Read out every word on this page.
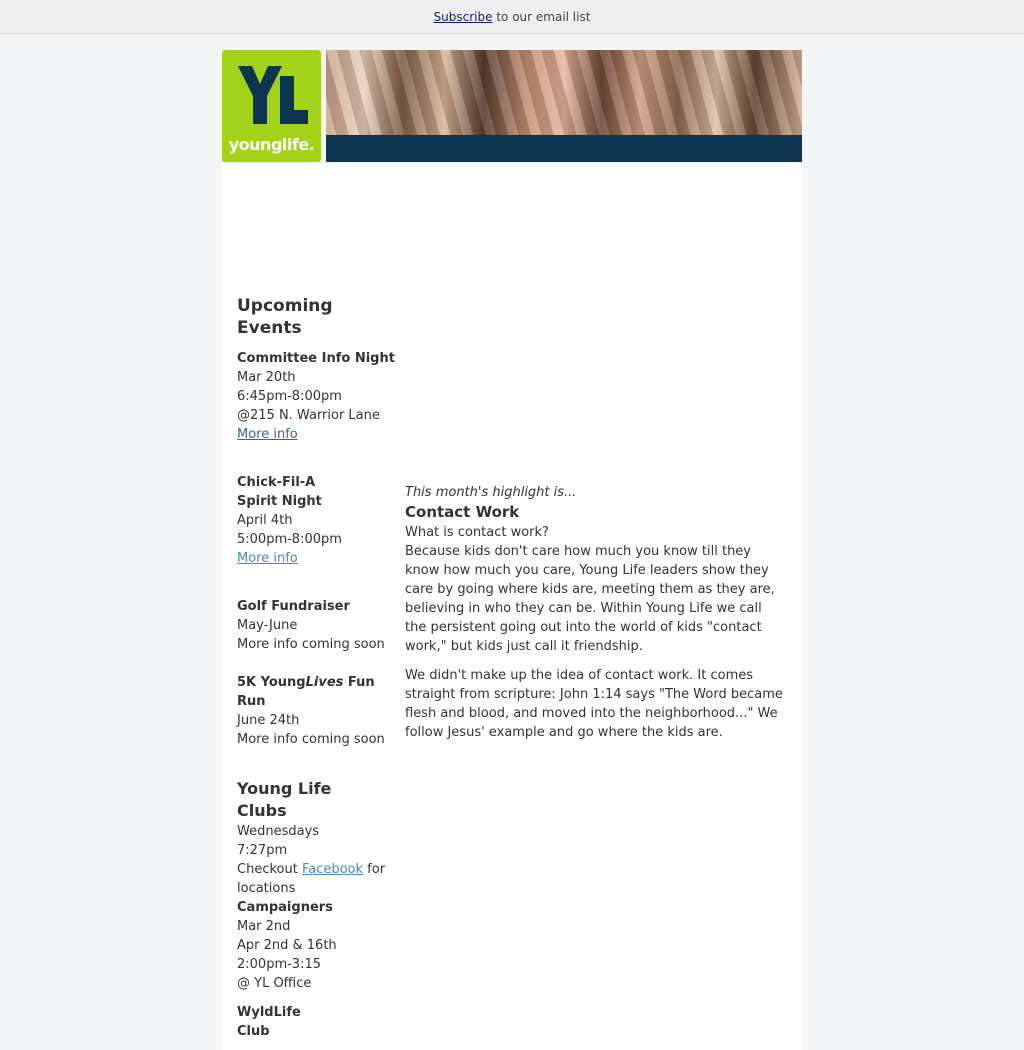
Subscribe to our email list
younglife.
Upcoming Events
Committee Info Night
Mar 20th
6:45pm-8:00pm
@215 N. Warrior Lane
More info
Chick-Fil-A
Spirit Night
April 4th
5:00pm-8:00pm
More info
Golf Fundraiser
May-June
More info coming soon
5K YoungLives Fun Run
June 24th
More info coming soon
Young Life Clubs
Wednesdays
7:27pm
Checkout Facebook for locations
Campaigners
Mar 2nd
Apr 2nd & 16th
2:00pm-3:15
@ YL Office
WyldLife Club
This month's highlight is...
Contact Work
What is contact work?

Because kids don't care how much you know till they know how much you care, Young Life leaders show they care by going where kids are, meeting them as they are, believing in who they can be. Within Young Life we call the persistent going out into the world of kids "contact work," but kids just call it friendship.

We didn't make up the idea of contact work. It comes straight from scripture: John 1:14 says "The Word became flesh and blood, and moved into the neighborhood..." We follow Jesus' example and go where the kids are.
